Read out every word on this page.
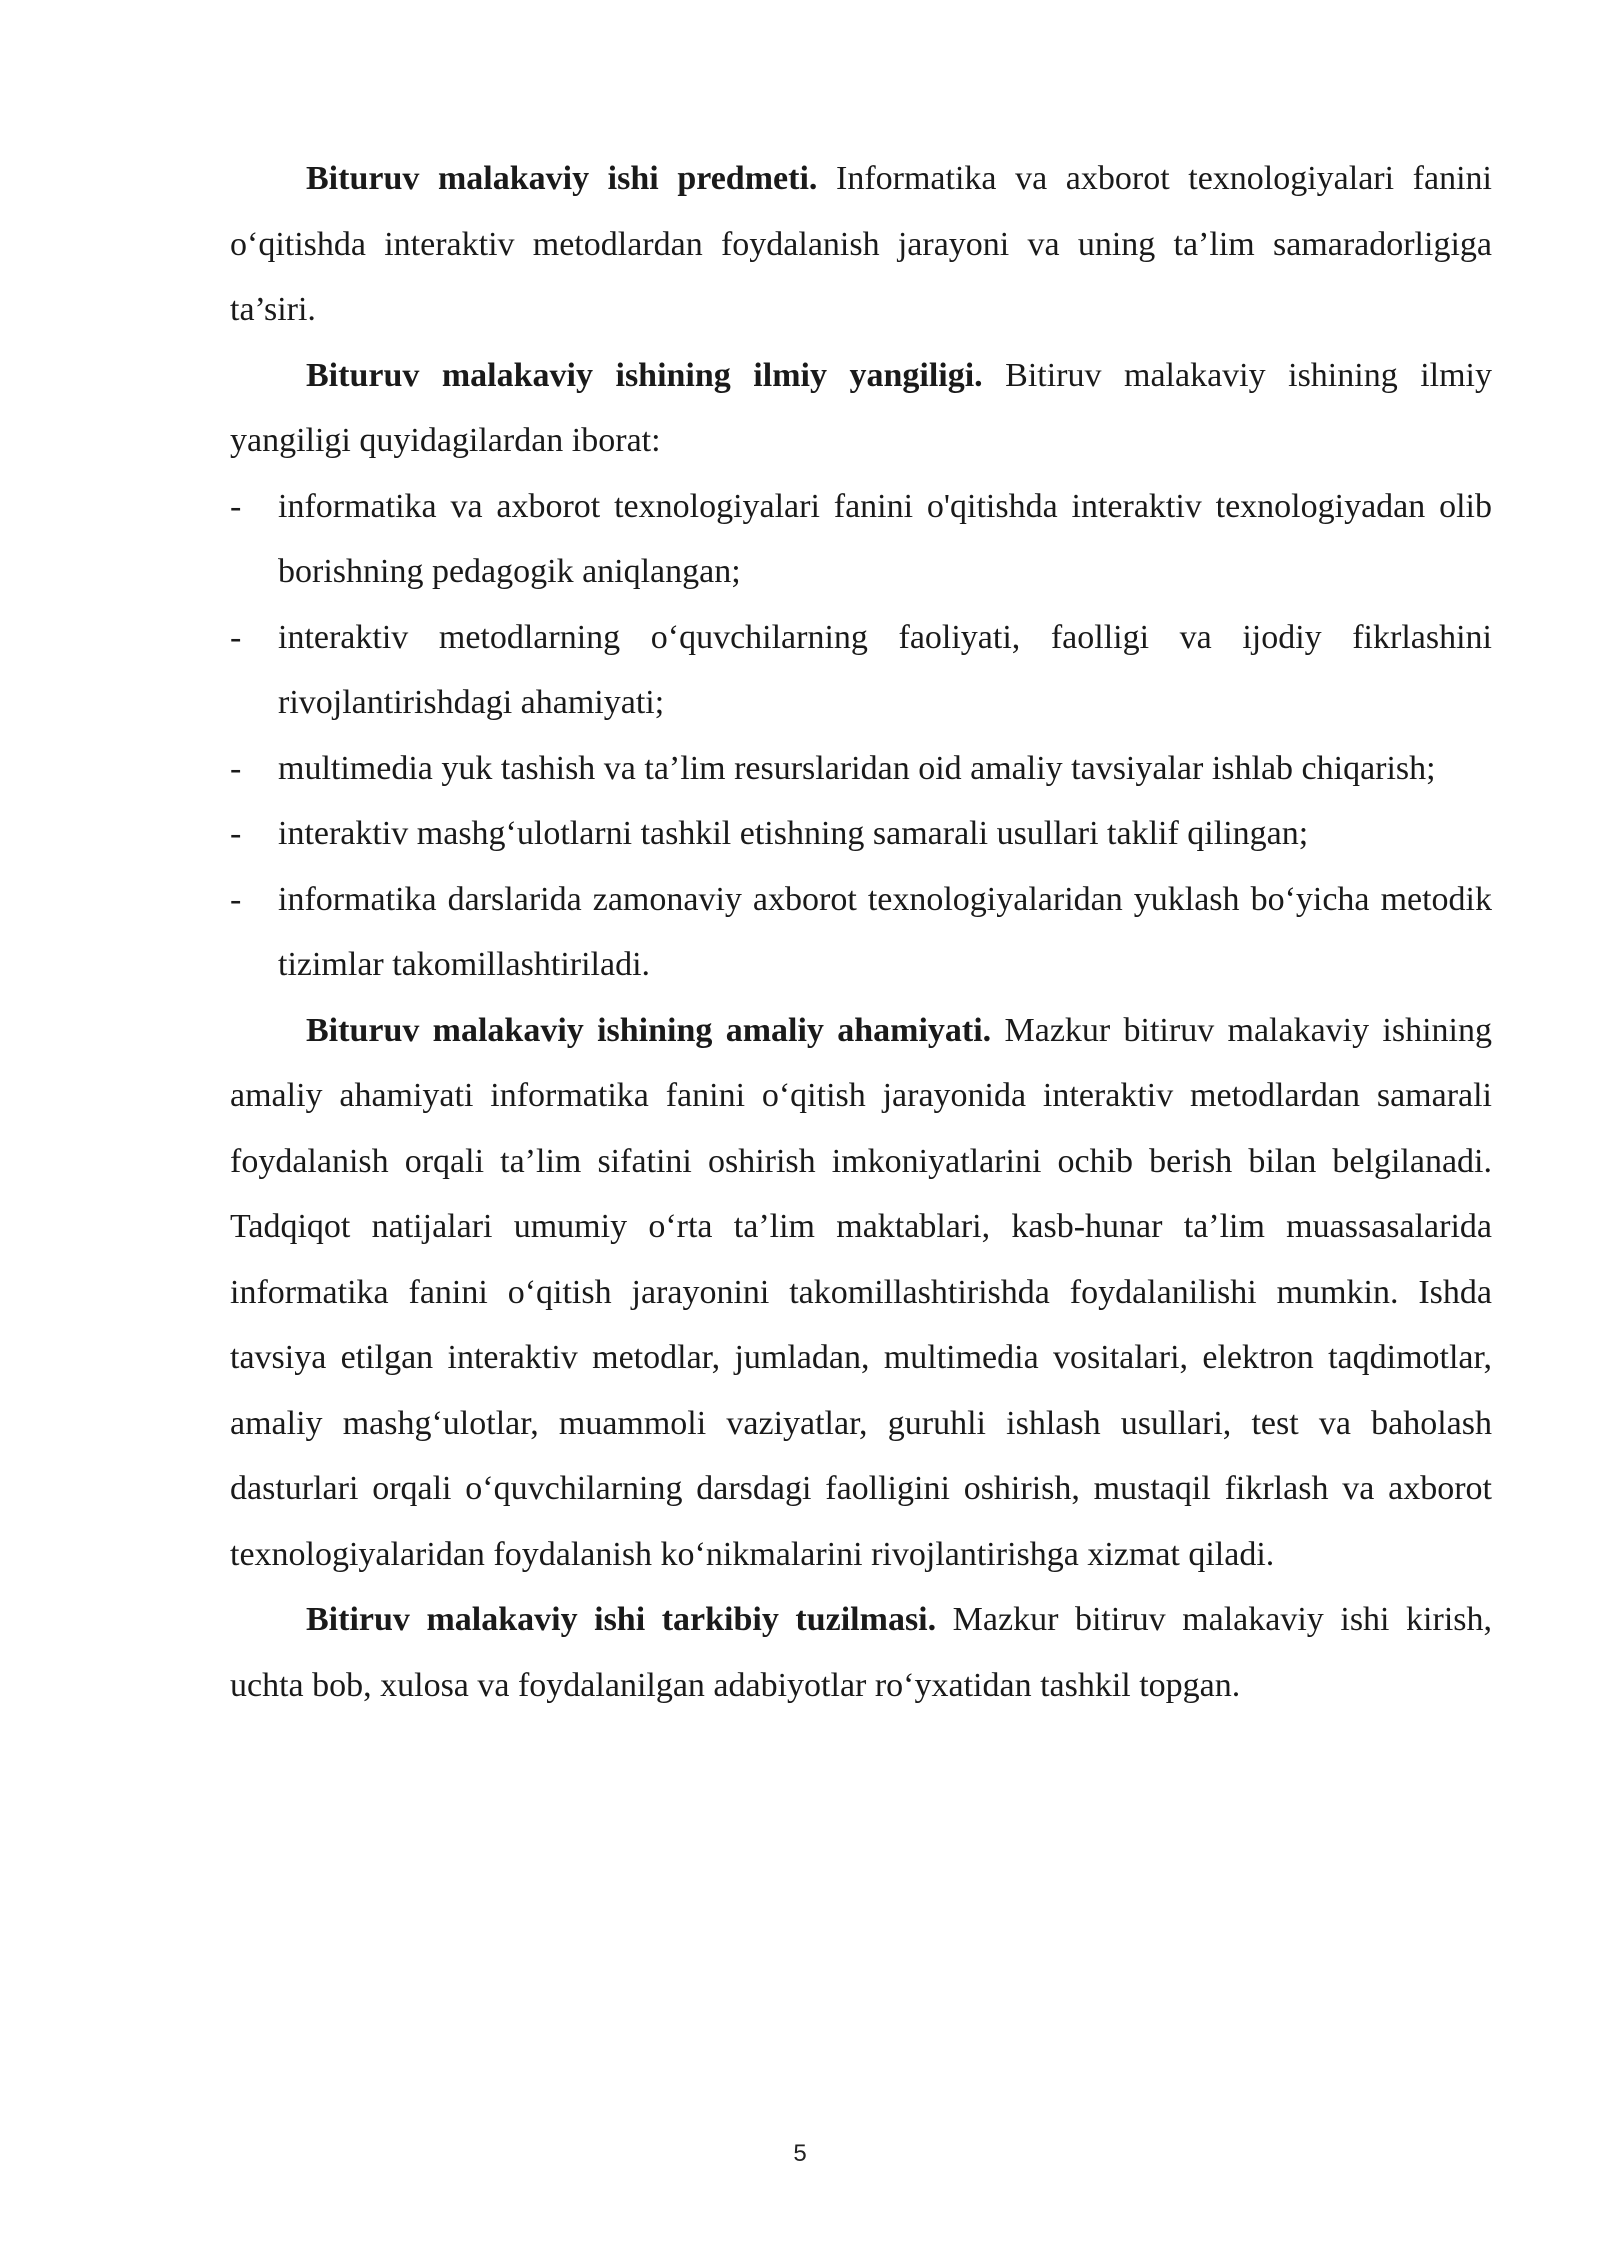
Bituruv malakaviy ishi predmeti. Informatika va axborot texnologiyalari fanini o‘qitishda interaktiv metodlardan foydalanish jarayoni va uning ta’lim samaradorligiga ta’siri.

Bituruv malakaviy ishining ilmiy yangiligi. Bitiruv malakaviy ishining ilmiy yangiligi quyidagilardan iborat:

- informatika va axborot texnologiyalari fanini o'qitishda interaktiv texnologiyadan olib borishning pedagogik aniqlangan;
- interaktiv metodlarning o‘quvchilarning faoliyati, faolligi va ijodiy fikrlashini rivojlantirishdagi ahamiyati;
- multimedia yuk tashish va ta’lim resurslaridan oid amaliy tavsiyalar ishlab chiqarish;
- interaktiv mashg‘ulotlarni tashkil etishning samarali usullari taklif qilingan;
- informatika darslarida zamonaviy axborot texnologiyalaridan yuklash bo‘yicha metodik tizimlar takomillashtiriladi.

Bituruv malakaviy ishining amaliy ahamiyati. Mazkur bitiruv malakaviy ishining amaliy ahamiyati informatika fanini o‘qitish jarayonida interaktiv metodlardan samarali foydalanish orqali ta’lim sifatini oshirish imkoniyatlarini ochib berish bilan belgilanadi. Tadqiqot natijalari umumiy o‘rta ta’lim maktablari, kasb-hunar ta’lim muassasalarida informatika fanini o‘qitish jarayonini takomillashtirishda foydalanilishi mumkin. Ishda tavsiya etilgan interaktiv metodlar, jumladan, multimedia vositalari, elektron taqdimotlar, amaliy mashg‘ulotlar, muammoli vaziyatlar, guruhli ishlash usullari, test va baholash dasturlari orqali o‘quvchilarning darsdagi faolligini oshirish, mustaqil fikrlash va axborot texnologiyalaridan foydalanish ko‘nikmalarini rivojlantirishga xizmat qiladi.

Bitiruv malakaviy ishi tarkibiy tuzilmasi. Mazkur bitiruv malakaviy ishi kirish, uchta bob, xulosa va foydalanilgan adabiyotlar ro‘yxatidan tashkil topgan.

5
